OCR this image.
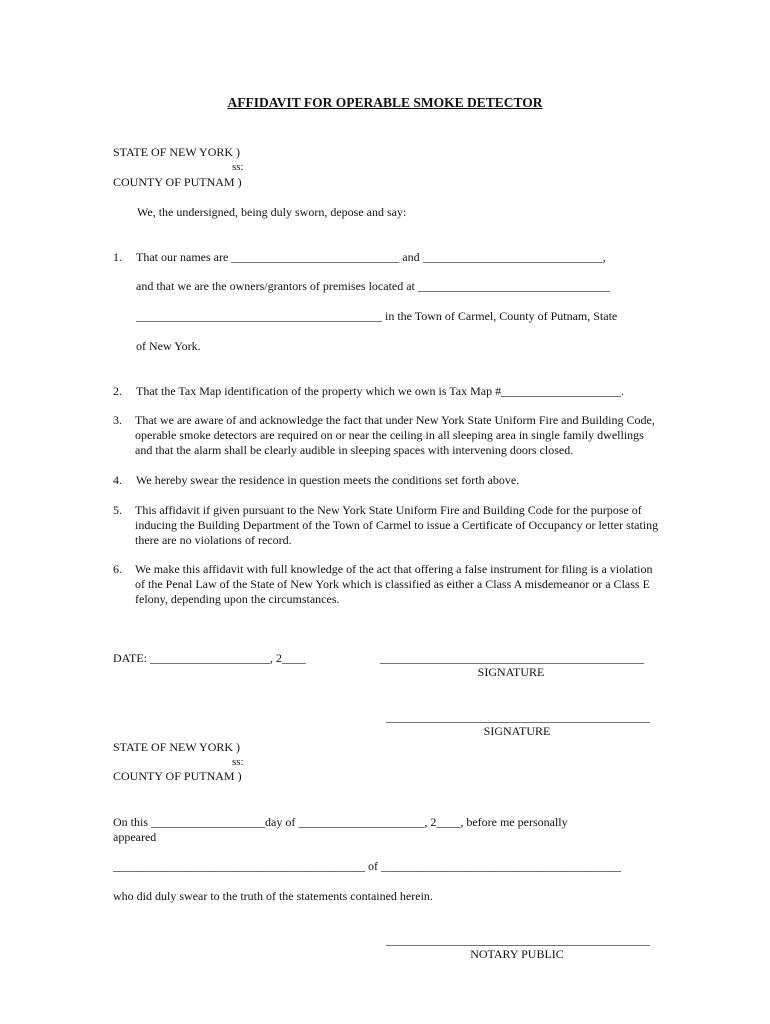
AFFIDAVIT FOR OPERABLE SMOKE DETECTOR
STATE OF NEW YORK )
ss:
COUNTY OF PUTNAM )
We, the undersigned, being duly sworn, depose and say:
1. That our names are ____________________________ and ______________________________,
and that we are the owners/grantors of premises located at ________________________________
_________________________________________ in the Town of Carmel, County of Putnam, State
of New York.
2. That the Tax Map identification of the property which we own is Tax Map #____________________.
3. That we are aware of and acknowledge the fact that under New York State Uniform Fire and Building Code, operable smoke detectors are required on or near the ceiling in all sleeping area in single family dwellings and that the alarm shall be clearly audible in sleeping spaces with intervening doors closed.
4. We hereby swear the residence in question meets the conditions set forth above.
5. This affidavit if given pursuant to the New York State Uniform Fire and Building Code for the purpose of inducing the Building Department of the Town of Carmel to issue a Certificate of Occupancy or letter stating there are no violations of record.
6. We make this affidavit with full knowledge of the act that offering a false instrument for filing is a violation of the Penal Law of the State of New York which is classified as either a Class A misdemeanor or a Class E felony, depending upon the circumstances.
DATE: ____________________, 2____	____________________________________________
SIGNATURE
____________________________________________
SIGNATURE
STATE OF NEW YORK )
ss:
COUNTY OF PUTNAM )
On this ___________________day of _____________________, 2____, before me personally
appeared
__________________________________________ of ________________________________________
who did duly swear to the truth of the statements contained herein.
____________________________________________
NOTARY PUBLIC
